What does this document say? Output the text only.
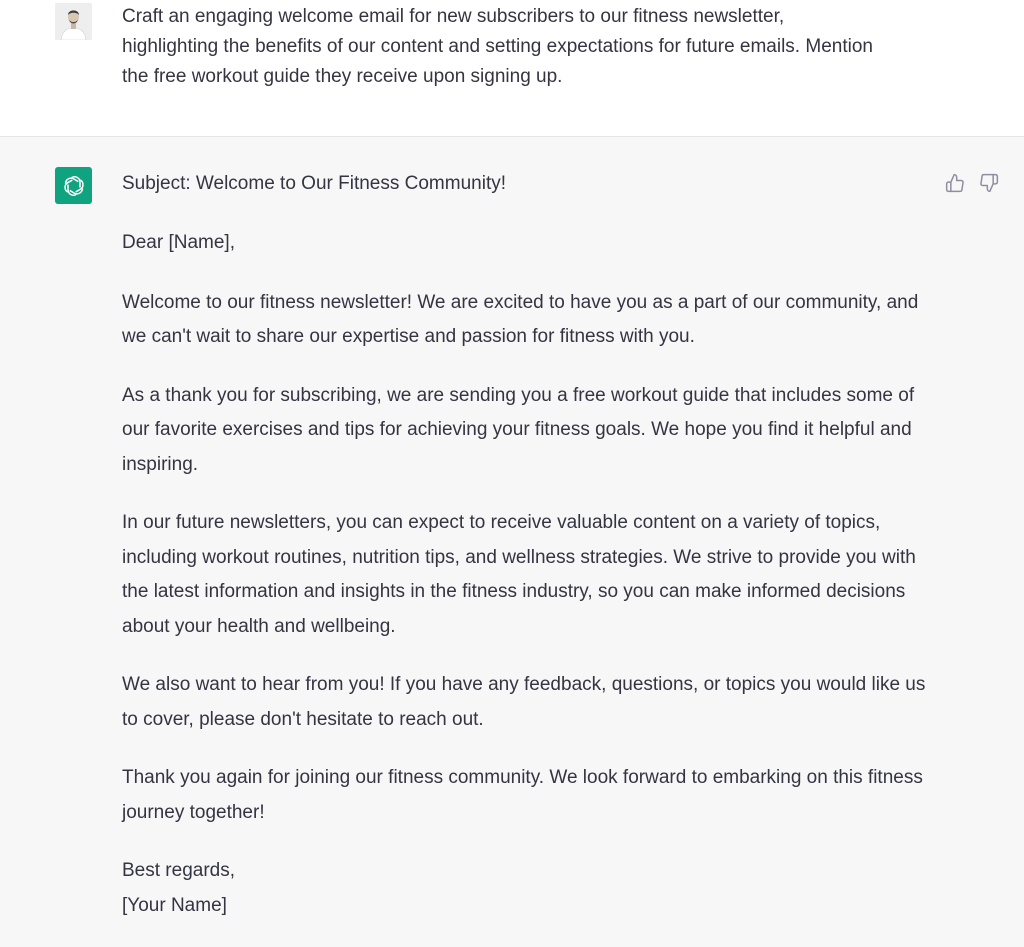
Craft an engaging welcome email for new subscribers to our fitness newsletter, highlighting the benefits of our content and setting expectations for future emails. Mention the free workout guide they receive upon signing up.

Subject: Welcome to Our Fitness Community!

Dear [Name],

Welcome to our fitness newsletter! We are excited to have you as a part of our community, and we can't wait to share our expertise and passion for fitness with you.

As a thank you for subscribing, we are sending you a free workout guide that includes some of our favorite exercises and tips for achieving your fitness goals. We hope you find it helpful and inspiring.

In our future newsletters, you can expect to receive valuable content on a variety of topics, including workout routines, nutrition tips, and wellness strategies. We strive to provide you with the latest information and insights in the fitness industry, so you can make informed decisions about your health and wellbeing.

We also want to hear from you! If you have any feedback, questions, or topics you would like us to cover, please don't hesitate to reach out.

Thank you again for joining our fitness community. We look forward to embarking on this fitness journey together!

Best regards,
[Your Name]
